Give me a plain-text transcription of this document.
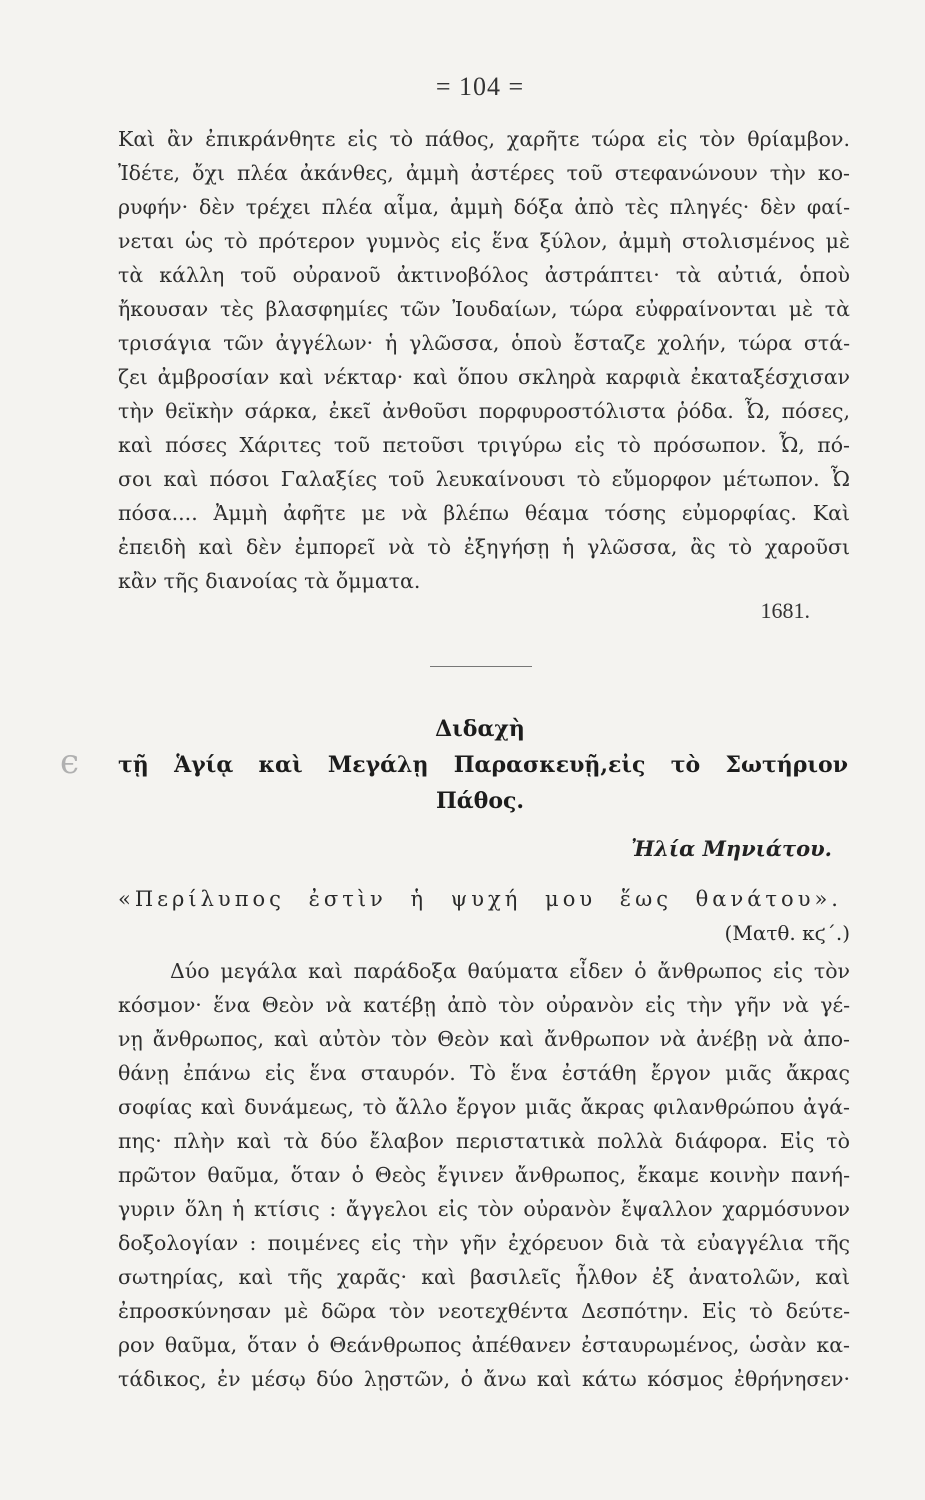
= 104 =
Καὶ ἂν ἐπικράνθητε εἰς τὸ πάθος, χαρῆτε τώρα εἰς τὸν θρίαμβον.
Ἰδέτε, ὄχι πλέα ἀκάνθες, ἀμμὴ ἀστέρες τοῦ στεφανώνουν τὴν κο-
ρυφήν· δὲν τρέχει πλέα αἷμα, ἀμμὴ δόξα ἀπὸ τὲς πληγές· δὲν φαί-
νεται ὡς τὸ πρότερον γυμνὸς εἰς ἕνα ξύλον, ἀμμὴ στολισμένος μὲ
τὰ κάλλη τοῦ οὐρανοῦ ἀκτινοβόλος ἀστράπτει· τὰ αὐτιά, ὁποὺ
ἤκουσαν τὲς βλασφημίες τῶν Ἰουδαίων, τώρα εὐφραίνονται μὲ τὰ
τρισάγια τῶν ἀγγέλων· ἡ γλῶσσα, ὁποὺ ἔσταζε χολήν, τώρα στά-
ζει ἀμβροσίαν καὶ νέκταρ· καὶ ὅπου σκληρὰ καρφιὰ ἐκαταξέσχισαν
τὴν θεϊκὴν σάρκα, ἐκεῖ ἀνθοῦσι πορφυροστόλιστα ῥόδα. Ὦ, πόσες,
καὶ πόσες Χάριτες τοῦ πετοῦσι τριγύρω εἰς τὸ πρόσωπον. Ὦ, πό-
σοι καὶ πόσοι Γαλαξίες τοῦ λευκαίνουσι τὸ εὔμορφον μέτωπον. Ὦ
πόσα.... Ἀμμὴ ἀφῆτε με νὰ βλέπω θέαμα τόσης εὐμορφίας. Καὶ
ἐπειδὴ καὶ δὲν ἐμπορεῖ νὰ τὸ ἐξηγήσῃ ἡ γλῶσσα, ἂς τὸ χαροῦσι
κἂν τῆς διανοίας τὰ ὄμματα.
1681.
ϵ
Διδαχὴ
τῇ Ἁγίᾳ καὶ Μεγάλῃ Παρασκευῇ,εἰς τὸ Σωτήριον
Πάθος.
Ἠλία Μηνιάτου.
«Περίλυπος ἐστὶν ἡ ψυχή μου ἕως θανάτου».
(Ματθ. κϛ΄.)
Δύο μεγάλα καὶ παράδοξα θαύματα εἶδεν ὁ ἄνθρωπος εἰς τὸν
κόσμον· ἕνα Θεὸν νὰ κατέβῃ ἀπὸ τὸν οὐρανὸν εἰς τὴν γῆν νὰ γέ-
νῃ ἄνθρωπος, καὶ αὐτὸν τὸν Θεὸν καὶ ἄνθρωπον νὰ ἀνέβῃ νὰ ἀπο-
θάνῃ ἐπάνω εἰς ἕνα σταυρόν. Τὸ ἕνα ἐστάθη ἔργον μιᾶς ἄκρας
σοφίας καὶ δυνάμεως, τὸ ἄλλο ἔργον μιᾶς ἄκρας φιλανθρώπου ἀγά-
πης· πλὴν καὶ τὰ δύο ἔλαβον περιστατικὰ πολλὰ διάφορα. Εἰς τὸ
πρῶτον θαῦμα, ὅταν ὁ Θεὸς ἔγινεν ἄνθρωπος, ἔκαμε κοινὴν πανή-
γυριν ὅλη ἡ κτίσις : ἄγγελοι εἰς τὸν οὐρανὸν ἔψαλλον χαρμόσυνον
δοξολογίαν : ποιμένες εἰς τὴν γῆν ἐχόρευον διὰ τὰ εὐαγγέλια τῆς
σωτηρίας, καὶ τῆς χαρᾶς· καὶ βασιλεῖς ἦλθον ἐξ ἀνατολῶν, καὶ
ἐπροσκύνησαν μὲ δῶρα τὸν νεοτεχθέντα Δεσπότην. Εἰς τὸ δεύτε-
ρον θαῦμα, ὅταν ὁ Θεάνθρωπος ἀπέθανεν ἐσταυρωμένος, ὡσὰν κα-
τάδικος, ἐν μέσῳ δύο λῃστῶν, ὁ ἄνω καὶ κάτω κόσμος ἐθρήνησεν·
